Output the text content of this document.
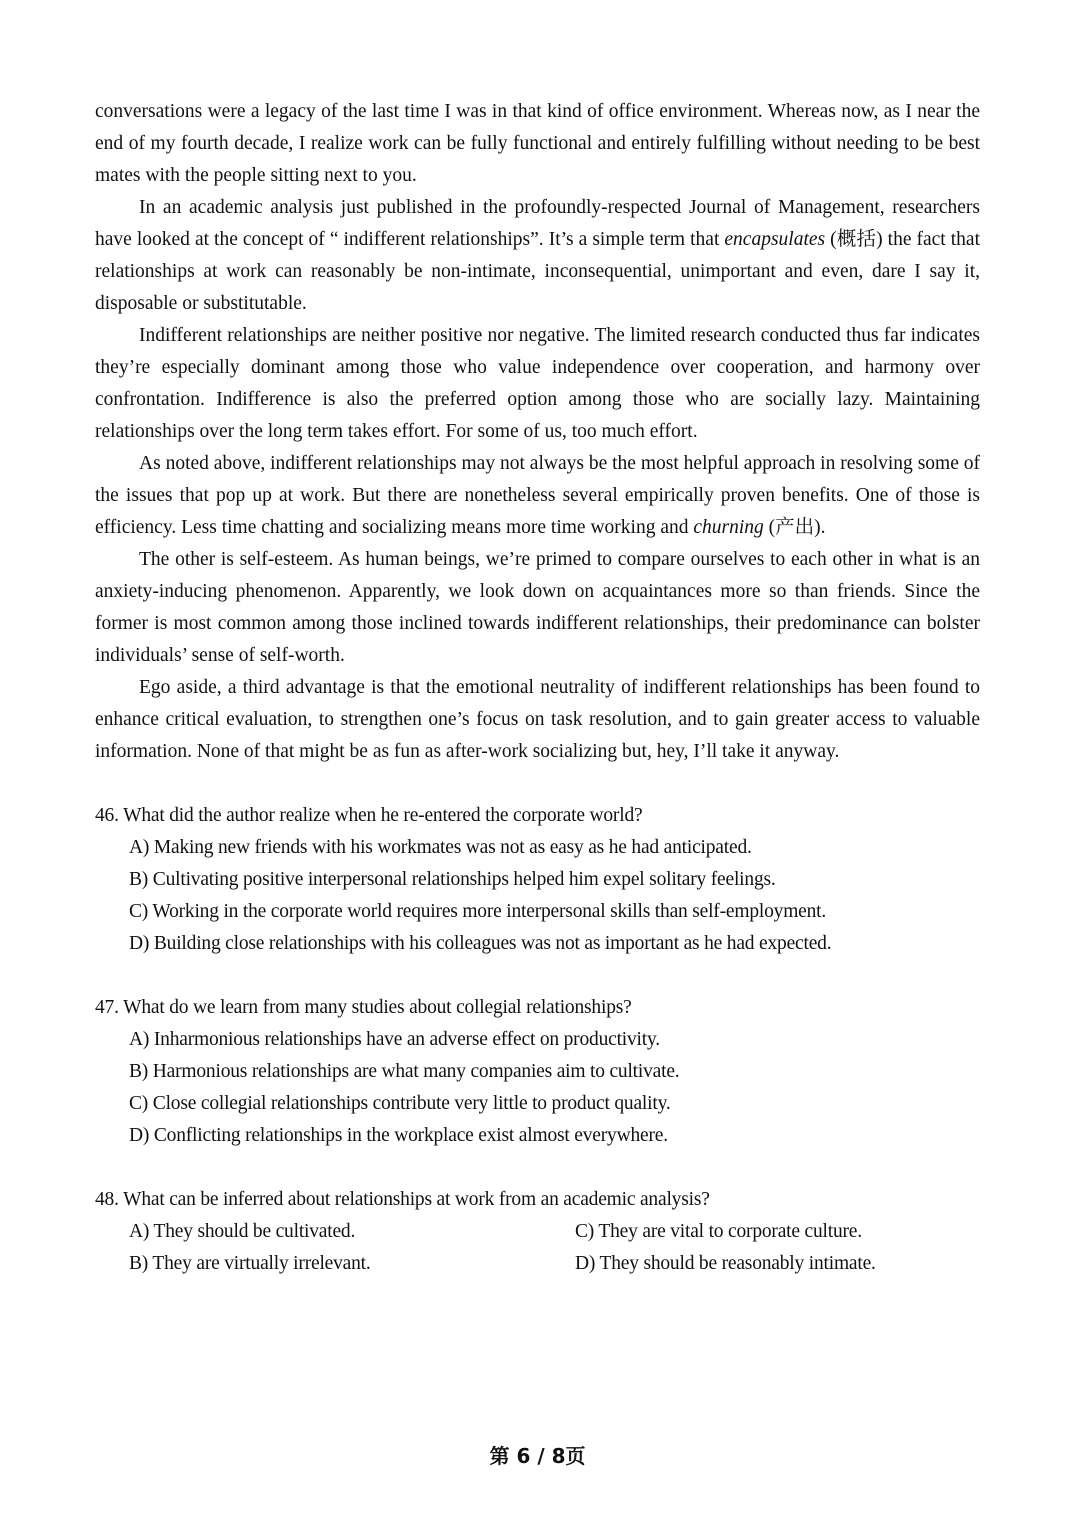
conversations were a legacy of the last time I was in that kind of office environment. Whereas now, as I near the end of my fourth decade, I realize work can be fully functional and entirely fulfilling without needing to be best mates with the people sitting next to you.

In an academic analysis just published in the profoundly-respected Journal of Management, researchers have looked at the concept of “ indifferent relationships”. It’s a simple term that encapsulates (概括) the fact that relationships at work can reasonably be non-intimate, inconsequential, unimportant and even, dare I say it, disposable or substitutable.

Indifferent relationships are neither positive nor negative. The limited research conducted thus far indicates they’re especially dominant among those who value independence over cooperation, and harmony over confrontation. Indifference is also the preferred option among those who are socially lazy. Maintaining relationships over the long term takes effort. For some of us, too much effort.

As noted above, indifferent relationships may not always be the most helpful approach in resolving some of the issues that pop up at work. But there are nonetheless several empirically proven benefits. One of those is efficiency. Less time chatting and socializing means more time working and churning (产出).

The other is self-esteem. As human beings, we’re primed to compare ourselves to each other in what is an anxiety-inducing phenomenon. Apparently, we look down on acquaintances more so than friends. Since the former is most common among those inclined towards indifferent relationships, their predominance can bolster individuals’ sense of self-worth.

Ego aside, a third advantage is that the emotional neutrality of indifferent relationships has been found to enhance critical evaluation, to strengthen one’s focus on task resolution, and to gain greater access to valuable information. None of that might be as fun as after-work socializing but, hey, I’ll take it anyway.

46. What did the author realize when he re-entered the corporate world?

A) Making new friends with his workmates was not as easy as he had anticipated.

B) Cultivating positive interpersonal relationships helped him expel solitary feelings.

C) Working in the corporate world requires more interpersonal skills than self-employment.

D) Building close relationships with his colleagues was not as important as he had expected.

47. What do we learn from many studies about collegial relationships?

A) Inharmonious relationships have an adverse effect on productivity.

B) Harmonious relationships are what many companies aim to cultivate.

C) Close collegial relationships contribute very little to product quality.

D) Conflicting relationships in the workplace exist almost everywhere.

48. What can be inferred about relationships at work from an academic analysis?

A) They should be cultivated.	C) They are vital to corporate culture.

B) They are virtually irrelevant.	D) They should be reasonably intimate.

第 6 / 8页
